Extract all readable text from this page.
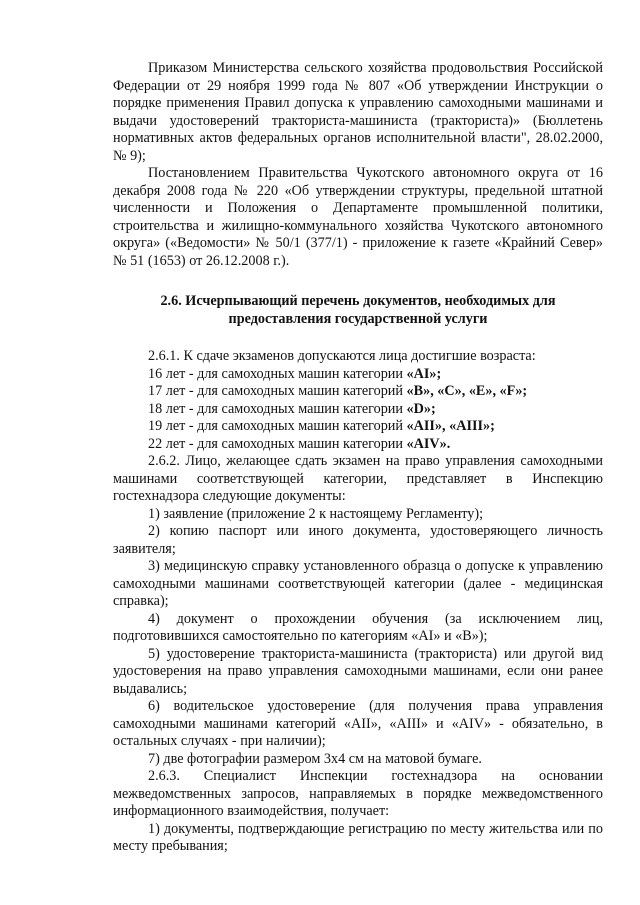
Приказом Министерства сельского хозяйства продовольствия Российской Федерации от 29 ноября 1999 года № 807 «Об утверждении Инструкции о порядке применения Правил допуска к управлению самоходными машинами и выдачи удостоверений тракториста-машиниста (тракториста)» (Бюллетень нормативных актов федеральных органов исполнительной власти", 28.02.2000, № 9);

Постановлением Правительства Чукотского автономного округа от 16 декабря 2008 года № 220 «Об утверждении структуры, предельной штатной численности и Положения о Департаменте промышленной политики, строительства и жилищно-коммунального хозяйства Чукотского автономного округа» («Ведомости» № 50/1 (377/1) - приложение к газете «Крайний Север» № 51 (1653) от 26.12.2008 г.).

2.6. Исчерпывающий перечень документов, необходимых для
предоставления государственной услуги

2.6.1. К сдаче экзаменов допускаются лица достигшие возраста:

16 лет - для самоходных машин категории «AI»;

17 лет - для самоходных машин категорий «B», «C», «E», «F»;

18 лет - для самоходных машин категории «D»;

19 лет - для самоходных машин категорий «AII», «AIII»;

22 лет - для самоходных машин категории «AIV».

2.6.2. Лицо, желающее сдать экзамен на право управления самоходными машинами соответствующей категории, представляет в Инспекцию гостехнадзора следующие документы:

1) заявление (приложение 2 к настоящему Регламенту);

2) копию паспорт или иного документа, удостоверяющего личность заявителя;

3) медицинскую справку установленного образца о допуске к управлению самоходными машинами соответствующей категории (далее - медицинская справка);

4) документ о прохождении обучения (за исключением лиц, подготовившихся самостоятельно по категориям «AI» и «B»);

5) удостоверение тракториста-машиниста (тракториста) или другой вид удостоверения на право управления самоходными машинами, если они ранее выдавались;

6) водительское удостоверение (для получения права управления самоходными машинами категорий «AII», «AIII» и «AIV» - обязательно, в остальных случаях - при наличии);

7) две фотографии размером 3х4 см на матовой бумаге.

2.6.3. Специалист Инспекции гостехнадзора на основании межведомственных запросов, направляемых в порядке межведомственного информационного взаимодействия, получает:

1) документы, подтверждающие регистрацию по месту жительства или по месту пребывания;
